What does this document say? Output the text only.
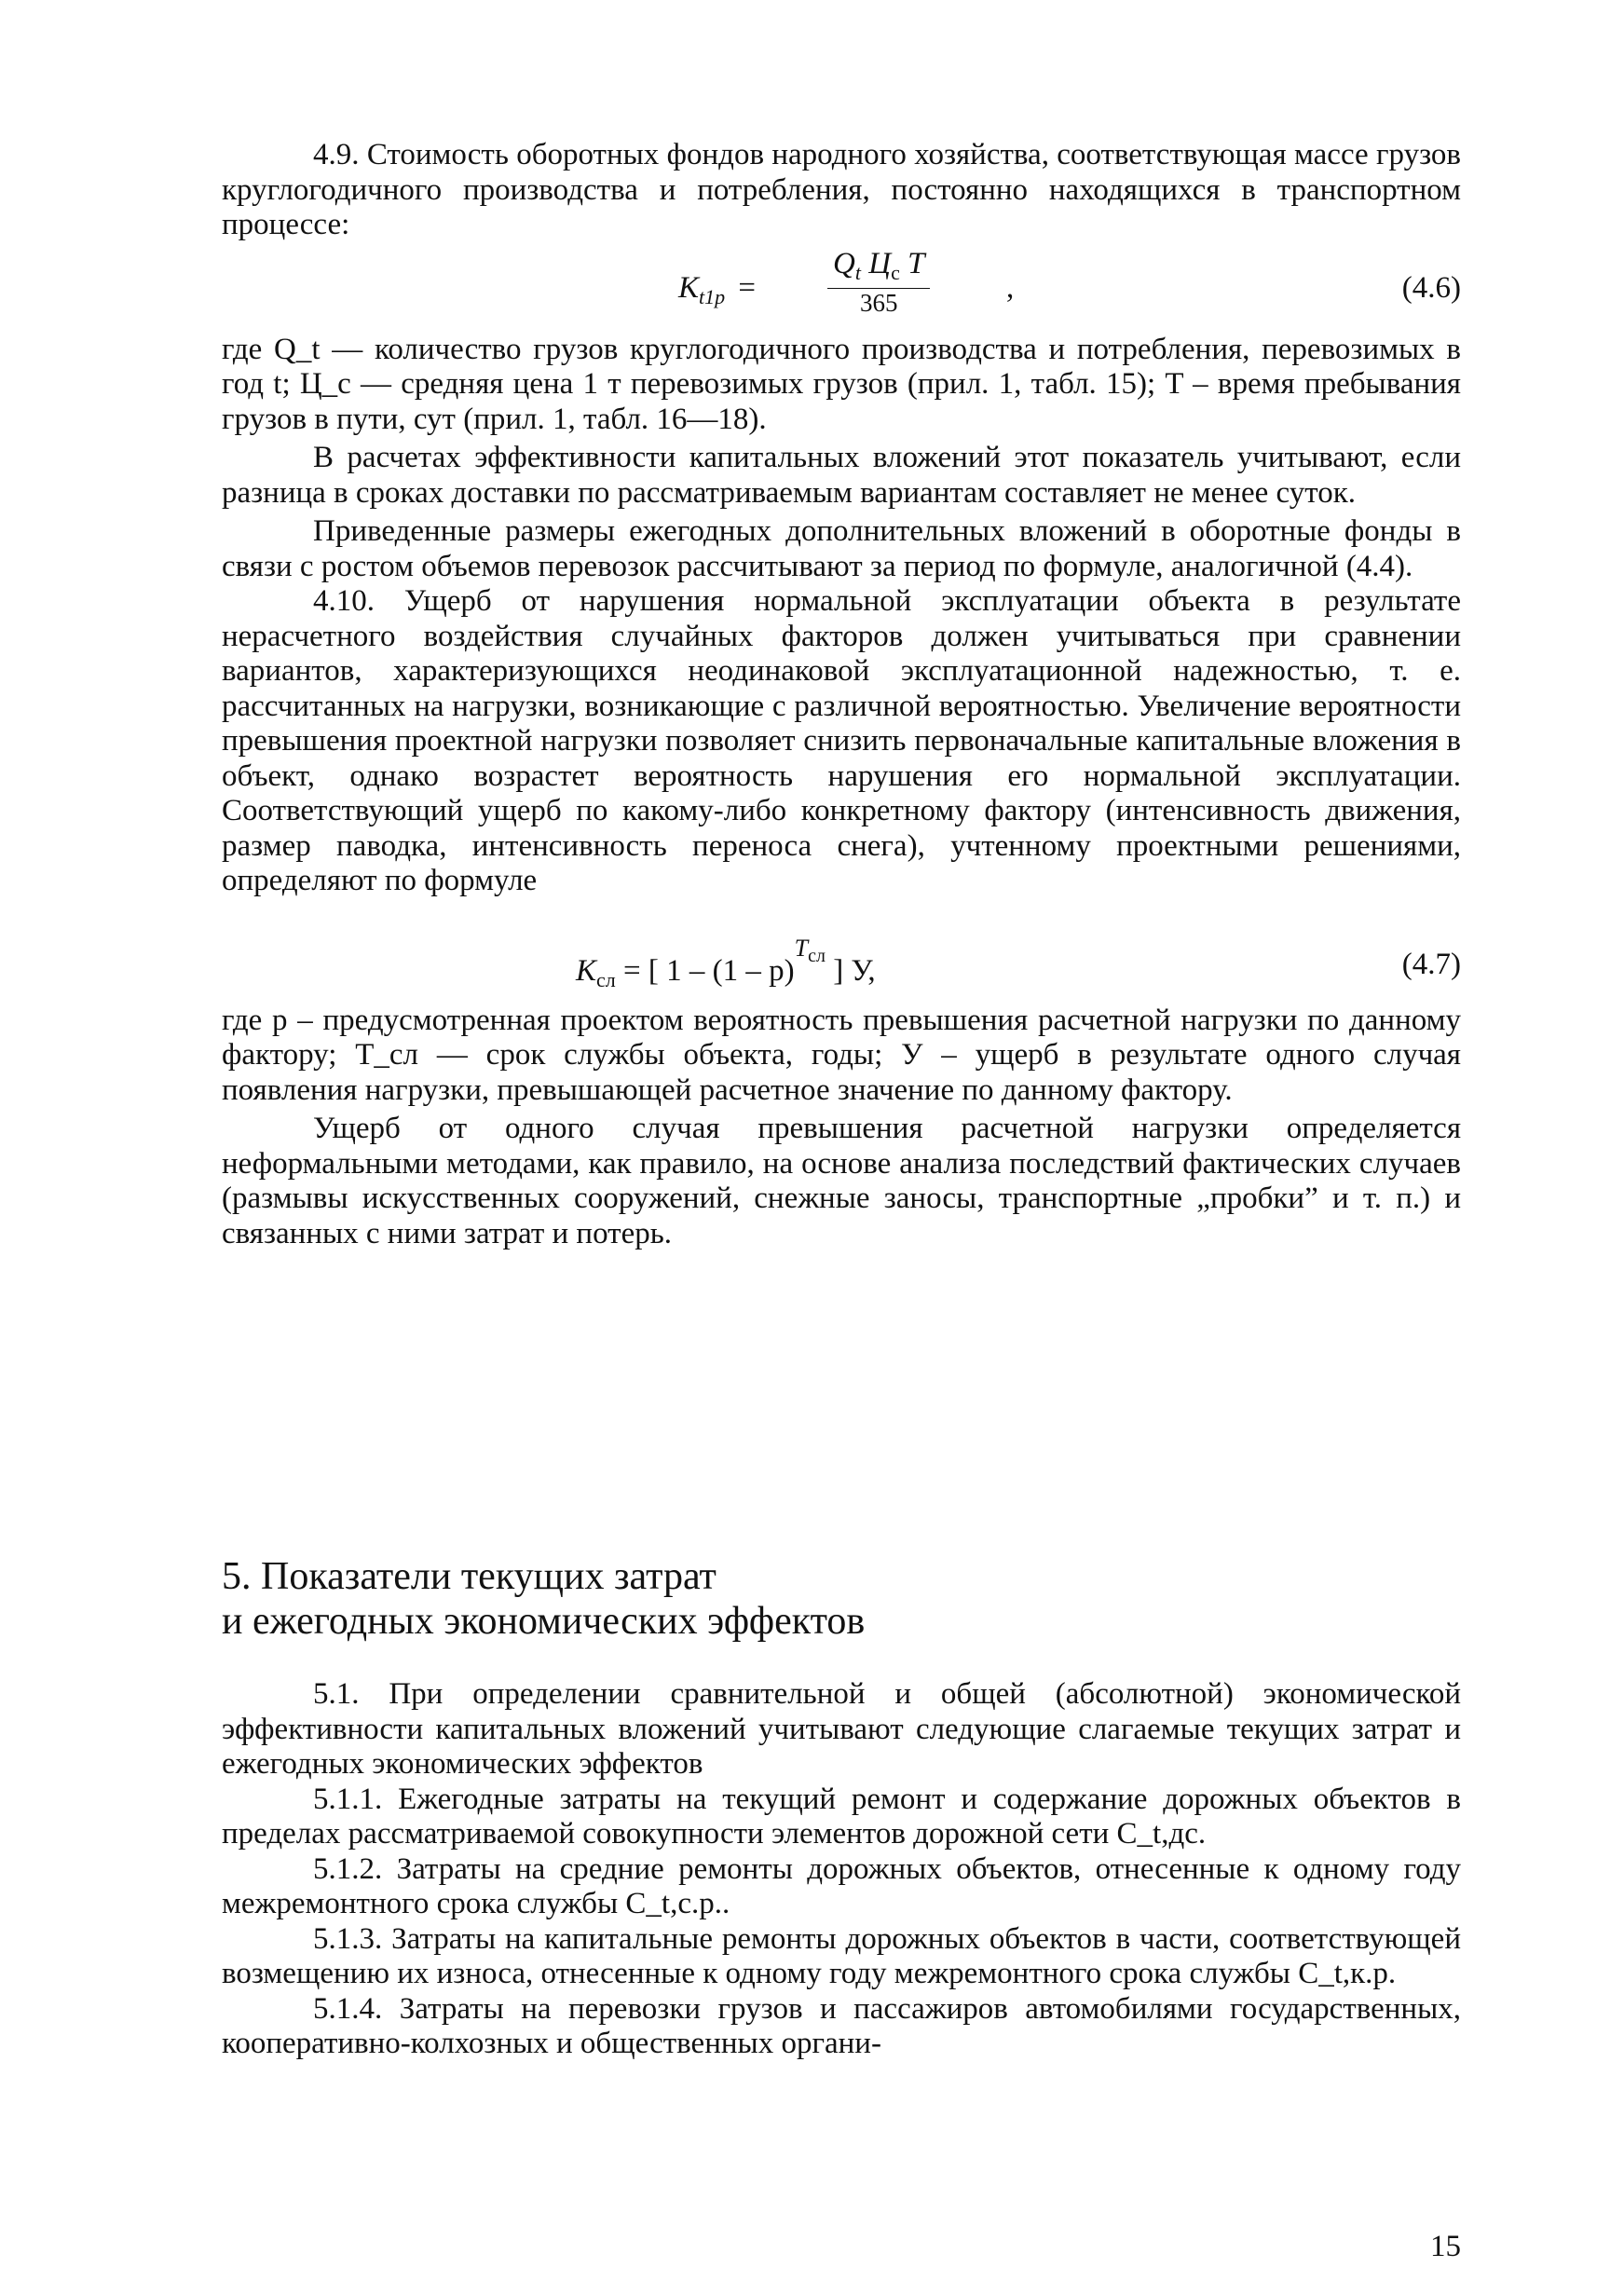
4.9. Стоимость оборотных фондов народного хозяйства, соответствующая массе грузов круглогодичного производства и потребления, постоянно находящихся в транспортном процессе:

$K_{t1р}$ =
$Q_t$ $Ц_с$ T
365	,	(4.6)

где Q_t — количество грузов круглогодичного производства и потребления, перевозимых в год t; Ц_с — средняя цена 1 т перевозимых грузов (прил. 1, табл. 15); T – время пребывания грузов в пути, сут (прил. 1, табл. 16—18).

В расчетах эффективности капитальных вложений этот показатель учитывают, если разница в сроках доставки по рассматриваемым вариантам составляет не менее суток.

Приведенные размеры ежегодных дополнительных вложений в оборотные фонды в связи с ростом объемов перевозок рассчитывают за период по формуле, аналогичной (4.4).

4.10. Ущерб от нарушения нормальной эксплуатации объекта в результате нерасчетного воздействия случайных факторов должен учитываться при сравнении вариантов, характеризующихся неодинаковой эксплуатационной надежностью, т. е. рассчитанных на нагрузки, возникающие с различной вероятностью. Увеличение вероятности превышения проектной нагрузки позволяет снизить первоначальные капитальные вложения в объект, однако возрастет вероятность нарушения его нормальной эксплуатации. Соответствующий ущерб по какому-либо конкретному фактору (интенсивность движения, размер паводка, интенсивность переноса снега), учтенному проектными решениями, определяют по формуле

$K_{сл}$ = [ 1 – (1 – p)$^{T_{сл}}$ ] У,	(4.7)

где p – предусмотренная проектом вероятность превышения расчетной нагрузки по данному фактору; T_сл — срок службы объекта, годы; У – ущерб в результате одного случая появления нагрузки, превышающей расчетное значение по данному фактору.

Ущерб от одного случая превышения расчетной нагрузки определяется неформальными методами, как правило, на основе анализа последствий фактических случаев (размывы искусственных сооружений, снежные заносы, транспортные „пробки” и т. п.) и связанных с ними затрат и потерь.

5. Показатели текущих затрат
и ежегодных экономических эффектов

5.1. При определении сравнительной и общей (абсолютной) экономической эффективности капитальных вложений учитывают следующие слагаемые текущих затрат и ежегодных экономических эффектов

5.1.1. Ежегодные затраты на текущий ремонт и содержание дорожных объектов в пределах рассматриваемой совокупности элементов дорожной сети C_t,дс.

5.1.2. Затраты на средние ремонты дорожных объектов, отнесенные к одному году межремонтного срока службы C_t,с.р..

5.1.3. Затраты на капитальные ремонты дорожных объектов в части, соответствующей возмещению их износа, отнесенные к одному году межремонтного срока службы C_t,к.р.

5.1.4. Затраты на перевозки грузов и пассажиров автомобилями государственных, кооперативно-колхозных и общественных органи-

15
